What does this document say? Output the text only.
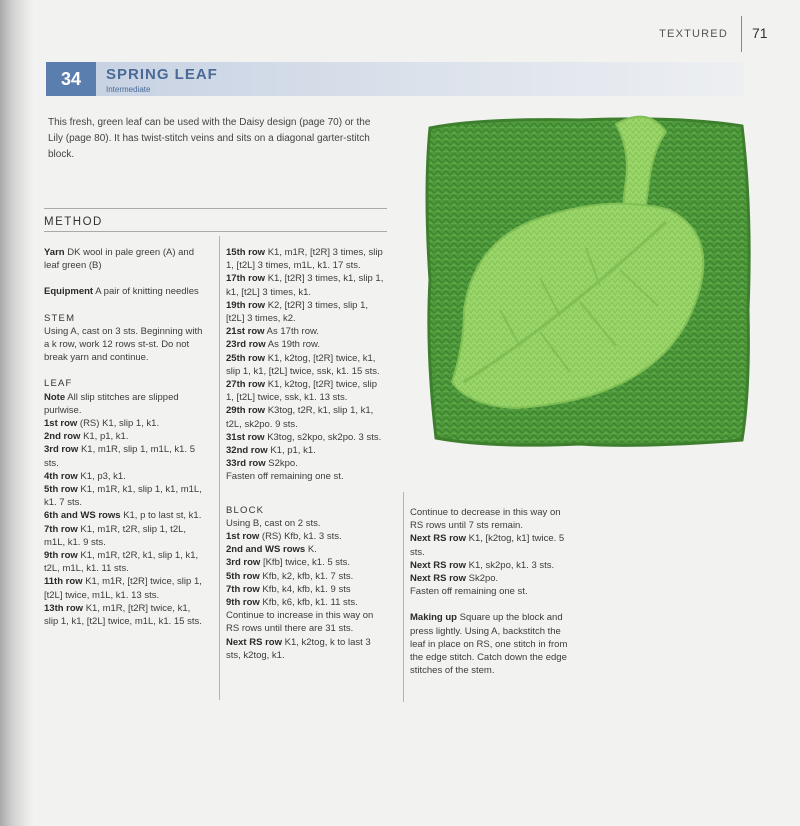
TEXTURED 71
34	SPRING LEAF
Intermediate

This fresh, green leaf can be used with the Daisy design (page 70) or the Lily (page 80). It has twist-stitch veins and sits on a diagonal garter-stitch block.

METHOD
Yarn DK wool in pale green (A) and leaf green (B)
Equipment A pair of knitting needles
STEM
Using A, cast on 3 sts. Beginning with a k row, work 12 rows st-st. Do not break yarn and continue.
LEAF
Note All slip stitches are slipped purlwise.
1st row (RS) K1, slip 1, k1.
2nd row K1, p1, k1.
3rd row K1, m1R, slip 1, m1L, k1. 5 sts.
4th row K1, p3, k1.
5th row K1, m1R, k1, slip 1, k1, m1L, k1. 7 sts.
6th and WS rows K1, p to last st, k1.
7th row K1, m1R, t2R, slip 1, t2L, m1L, k1. 9 sts.
9th row K1, m1R, t2R, k1, slip 1, k1, t2L, m1L, k1. 11 sts.
11th row K1, m1R, [t2R] twice, slip 1, [t2L] twice, m1L, k1. 13 sts.
13th row K1, m1R, [t2R] twice, k1, slip 1, k1, [t2L] twice, m1L, k1. 15 sts.
15th row K1, m1R, [t2R] 3 times, slip 1, [t2L] 3 times, m1L, k1. 17 sts.
17th row K1, [t2R] 3 times, k1, slip 1, k1, [t2L] 3 times, k1.
19th row K2, [t2R] 3 times, slip 1, [t2L] 3 times, k2.
21st row As 17th row.
23rd row As 19th row.
25th row K1, k2tog, [t2R] twice, k1, slip 1, k1, [t2L] twice, ssk, k1. 15 sts.
27th row K1, k2tog, [t2R] twice, slip 1, [t2L] twice, ssk, k1. 13 sts.
29th row K3tog, t2R, k1, slip 1, k1, t2L, sk2po. 9 sts.
31st row K3tog, s2kpo, sk2po. 3 sts.
32nd row K1, p1, k1.
33rd row S2kpo.
Fasten off remaining one st.
BLOCK
Using B, cast on 2 sts.
1st row (RS) Kfb, k1. 3 sts.
2nd and WS rows K.
3rd row [Kfb] twice, k1. 5 sts.
5th row Kfb, k2, kfb, k1. 7 sts.
7th row Kfb, k4, kfb, k1. 9 sts
9th row Kfb, k6, kfb, k1. 11 sts.
Continue to increase in this way on RS rows until there are 31 sts.
Next RS row K1, k2tog, k to last 3 sts, k2tog, k1.
Continue to decrease in this way on RS rows until 7 sts remain.
Next RS row K1, [k2tog, k1] twice. 5 sts.
Next RS row K1, sk2po, k1. 3 sts.
Next RS row Sk2po.
Fasten off remaining one st.
Making up Square up the block and press lightly. Using A, backstitch the leaf in place on RS, one stitch in from the edge stitch. Catch down the edge stitches of the stem.
